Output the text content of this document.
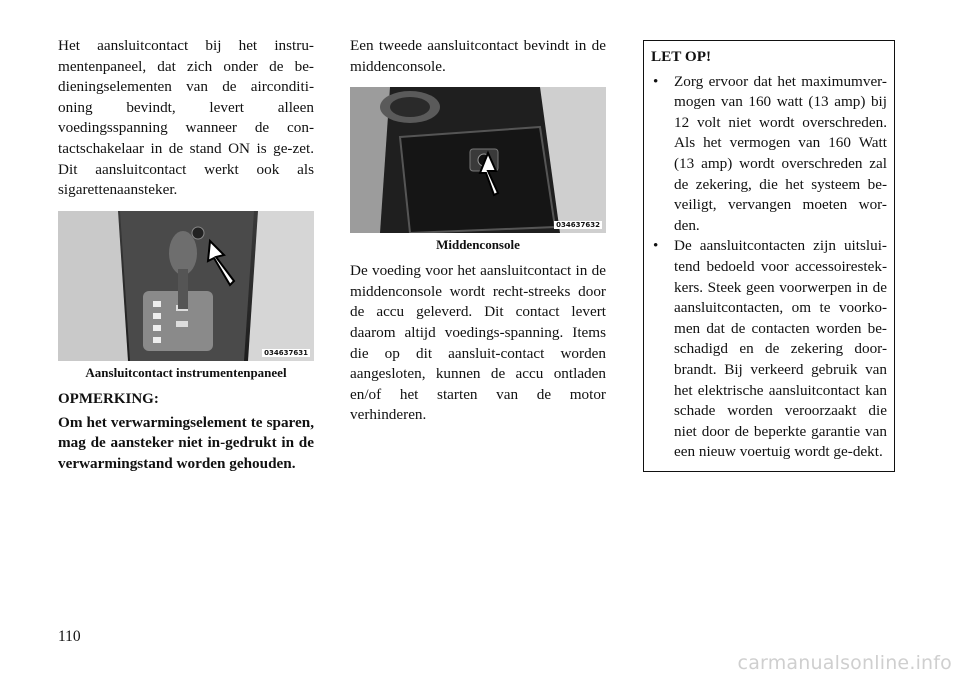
Het aansluitcontact bij het instru-mentenpaneel, dat zich onder de be-dieningselementen van de airconditi-oning bevindt, levert alleen voedingsspanning wanneer de con-tactschakelaar in de stand ON is ge-zet. Dit aansluitcontact werkt ook als sigarettenaansteker.

034637631

Aansluitcontact instrumentenpaneel

OPMERKING:

Om het verwarmingselement te sparen, mag de aansteker niet in-gedrukt in de verwarmingstand worden gehouden.

Een tweede aansluitcontact bevindt in de middenconsole.

034637632

Middenconsole

De voeding voor het aansluitcontact in de middenconsole wordt recht-streeks door de accu geleverd. Dit contact levert daarom altijd voedings-spanning. Items die op dit aansluit-contact worden aangesloten, kunnen de accu ontladen en/of het starten van de motor verhinderen.

LET OP!

• Zorg ervoor dat het maximumver-mogen van 160 watt (13 amp) bij 12 volt niet wordt overschreden. Als het vermogen van 160 Watt (13 amp) wordt overschreden zal de zekering, die het systeem be-veiligt, vervangen moeten wor-den.
• De aansluitcontacten zijn uitslui-tend bedoeld voor accessoirestek-kers. Steek geen voorwerpen in de aansluitcontacten, om te voorko-men dat de contacten worden be-schadigd en de zekering door-brandt. Bij verkeerd gebruik van het elektrische aansluitcontact kan schade worden veroorzaakt die niet door de beperkte garantie van een nieuw voertuig wordt ge-dekt.
110
carmanualsonline.info
